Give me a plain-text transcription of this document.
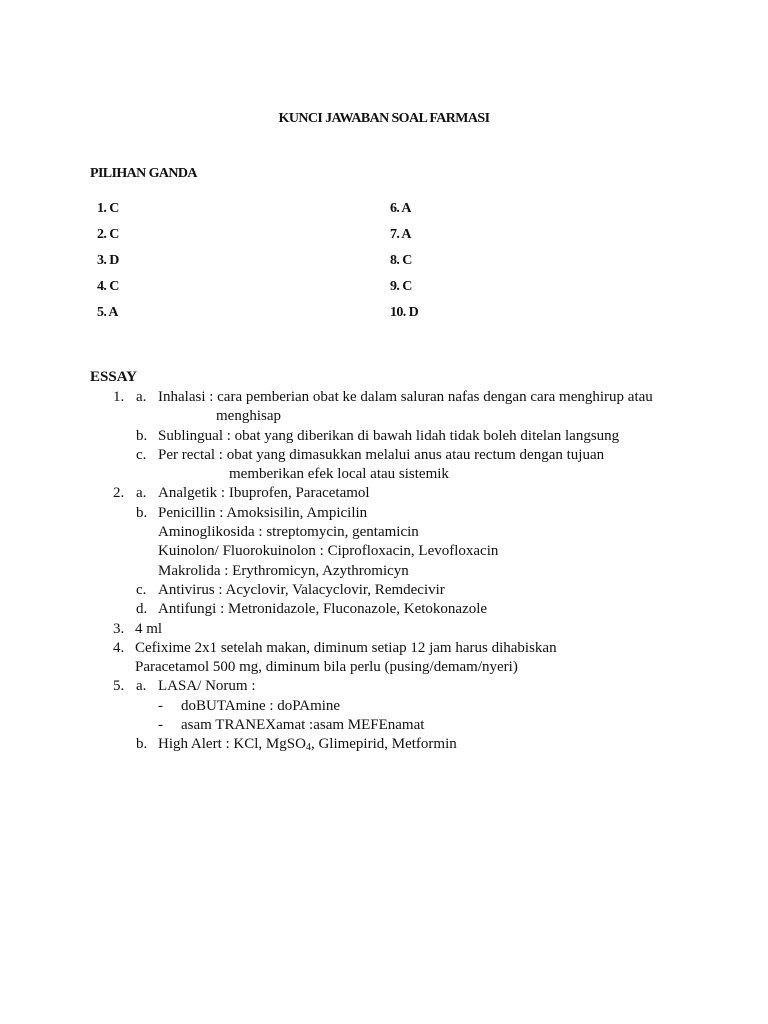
KUNCI JAWABAN SOAL FARMASI
PILIHAN GANDA
1. C
2. C
3. D
4. C
5. A
6. A
7. A
8. C
9. C
10. D
ESSAY
1. a. Inhalasi : cara pemberian obat ke dalam saluran nafas dengan cara menghirup atau
menghisap
b. Sublingual : obat yang diberikan di bawah lidah tidak boleh ditelan langsung
c. Per rectal : obat yang dimasukkan melalui anus atau rectum dengan tujuan
memberikan efek local atau sistemik
2. a. Analgetik : Ibuprofen, Paracetamol
b. Penicillin : Amoksisilin, Ampicilin
Aminoglikosida : streptomycin, gentamicin
Kuinolon/ Fluorokuinolon : Ciprofloxacin, Levofloxacin
Makrolida : Erythromicyn, Azythromicyn
c. Antivirus : Acyclovir, Valacyclovir, Remdecivir
d. Antifungi : Metronidazole, Fluconazole, Ketokonazole
3. 4 ml
4. Cefixime 2x1 setelah makan, diminum setiap 12 jam harus dihabiskan
Paracetamol 500 mg, diminum bila perlu (pusing/demam/nyeri)
5. a. LASA/ Norum :
- doBUTAmine : doPAmine
- asam TRANEXamat :asam MEFEnamat
b. High Alert : KCl, MgSO$_4$, Glimepirid, Metformin
